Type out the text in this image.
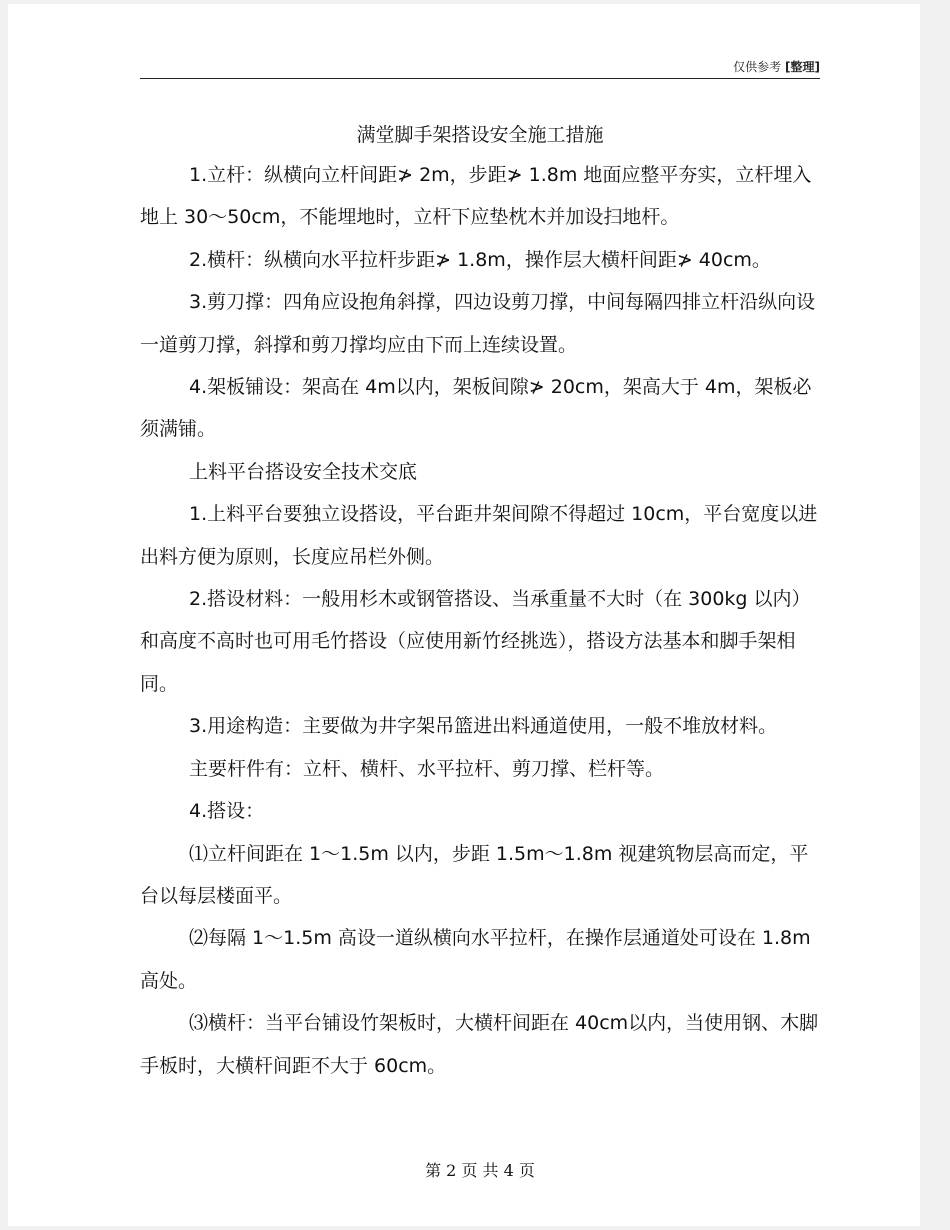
仅供参考 [整理]
满堂脚手架搭设安全施工措施

1.立杆：纵横向立杆间距≯ 2m，步距≯ 1.8m 地面应整平夯实，立杆埋入地上 30～50cm，不能埋地时，立杆下应垫枕木并加设扫地杆。

2.横杆：纵横向水平拉杆步距≯ 1.8m，操作层大横杆间距≯ 40cm。

3.剪刀撑：四角应设抱角斜撑，四边设剪刀撑，中间每隔四排立杆沿纵向设一道剪刀撑，斜撑和剪刀撑均应由下而上连续设置。

4.架板铺设：架高在 4m以内，架板间隙≯ 20cm，架高大于 4m，架板必须满铺。

上料平台搭设安全技术交底

1.上料平台要独立设搭设，平台距井架间隙不得超过 10cm，平台宽度以进出料方便为原则，长度应吊栏外侧。

2.搭设材料：一般用杉木或钢管搭设、当承重量不大时（在 300kg 以内）和高度不高时也可用毛竹搭设（应使用新竹经挑选），搭设方法基本和脚手架相同。

3.用途构造：主要做为井字架吊篮进出料通道使用，一般不堆放材料。

主要杆件有：立杆、横杆、水平拉杆、剪刀撑、栏杆等。

4.搭设：

⑴立杆间距在 1～1.5m 以内，步距 1.5m～1.8m 视建筑物层高而定，平台以每层楼面平。

⑵每隔 1～1.5m 高设一道纵横向水平拉杆，在操作层通道处可设在 1.8m 高处。

⑶横杆：当平台铺设竹架板时，大横杆间距在 40cm以内，当使用钢、木脚手板时，大横杆间距不大于 60cm。

第 2 页 共 4 页
